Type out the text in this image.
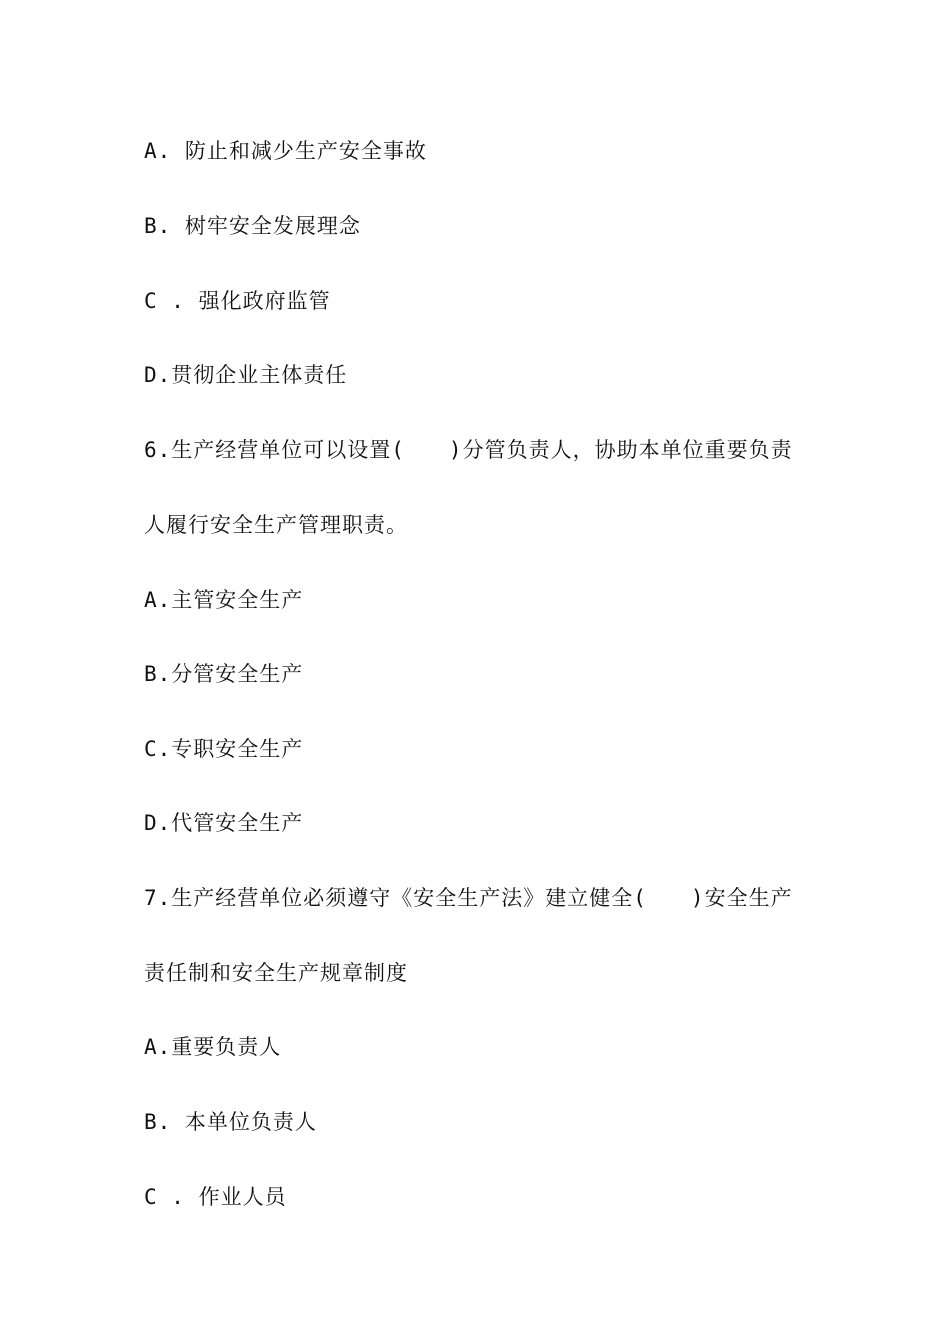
A. 防止和减少生产安全事故
B. 树牢安全发展理念
C . 强化政府监管
D.贯彻企业主体责任
6.生产经营单位可以设置(　　)分管负责人，协助本单位重要负责
人履行安全生产管理职责。
A.主管安全生产
B.分管安全生产
C.专职安全生产
D.代管安全生产
7.生产经营单位必须遵守《安全生产法》建立健全(　　)安全生产
责任制和安全生产规章制度
A.重要负责人
B. 本单位负责人
C . 作业人员
